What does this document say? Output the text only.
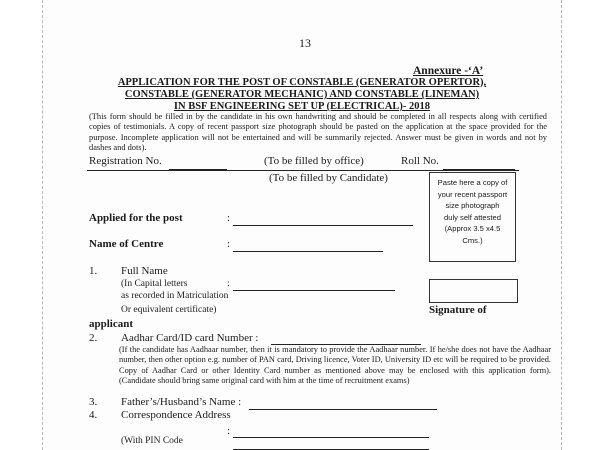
13
Annexure -‘A’
APPLICATION FOR THE POST OF CONSTABLE (GENERATOR OPERTOR),
CONSTABLE (GENERATOR MECHANIC) AND CONSTABLE (LINEMAN)
IN BSF ENGINEERING SET UP (ELECTRICAL)- 2018
(This form should be filled in by the candidate in his own handwriting and should be completed in all respects along with certified copies of testimonials. A copy of recent passport size photograph should be pasted on the application at the space provided for the purpose. Incomplete application will not be entertained and will be summarily rejected. Answer must be given in words and not by dashes and dots).
Registration No.	(To be filled by office)	Roll No.
(To be filled by Candidate)	Paste here a copy of
your recent passport
size photograph
duly self attested
(Approx 3.5 x4.5
Cms.)
Applied for the post	:
Name of Centre	:
1. Full Name
(In Capital letters	:
as recorded in Matriculation
Or equivalent certificate)	Signature of
applicant
2. Aadhar Card/ID card Number :
(If the candidate has Aadhaar number, then it is mandatory to provide the Aadhaar number. If he/she does not have the Aadhaar number, then other option e.g. number of PAN card, Driving licence, Voter ID, University ID etc will be required to be provided. Copy of Aadhar Card or other Identity Card number as mentioned above may be enclosed with this application form). (Candidate should bring same original card with him at the time of recruitment exams)
3. Father’s/Husband’s Name :
4. Correspondence Address
:
(With PIN Code
